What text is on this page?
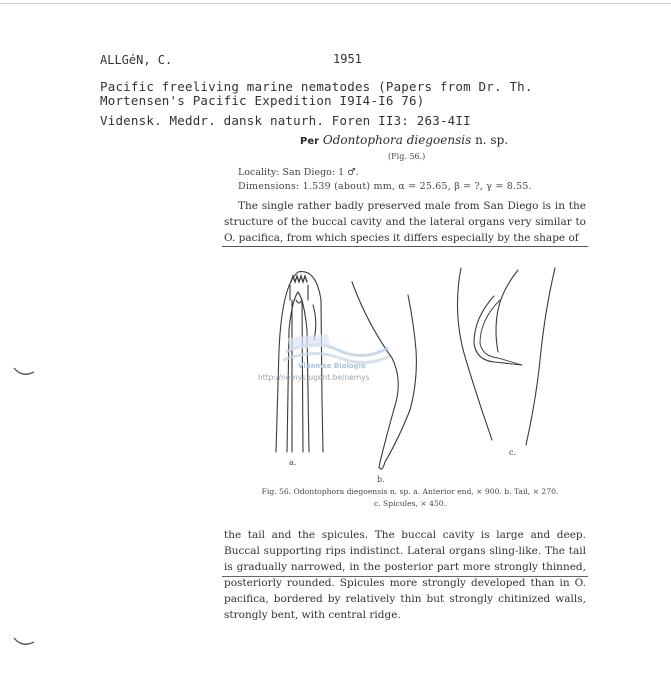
ALLGéN, C.	1951
Pacific freeliving marine nematodes (Papers from Dr. Th.
Mortensen's Pacific Expedition I9I4-I6 76)
Vidensk. Meddr. dansk naturh. Foren II3: 263-4II
Per Odontophora diegoensis n. sp.
(Fig. 56.)
Locality: San Diego: 1 ♂.
Dimensions: 1.539 (about) mm, α = 25.65, β = ?, γ = 8.55.
The single rather badly preserved male from San Diego is in the structure of the buccal cavity and the lateral organs very similar to O. pacifica, from which species it differs especially by the shape of
Vlaamse Biologie
http://nemys.ugent.be/nemys
a.
b.
c.
Fig. 56. Odontophora diegoensis n. sp. a. Anterior end, × 900. b. Tail, × 270.
c. Spicules, × 450.
the tail and the spicules. The buccal cavity is large and deep. Buccal supporting rips indistinct. Lateral organs sling-like. The tail is gradually narrowed, in the posterior part more strongly thinned, posteriorly rounded. Spicules more strongly developed than in O. pacifica, bordered by relatively thin but strongly chitinized walls, strongly bent, with central ridge.
